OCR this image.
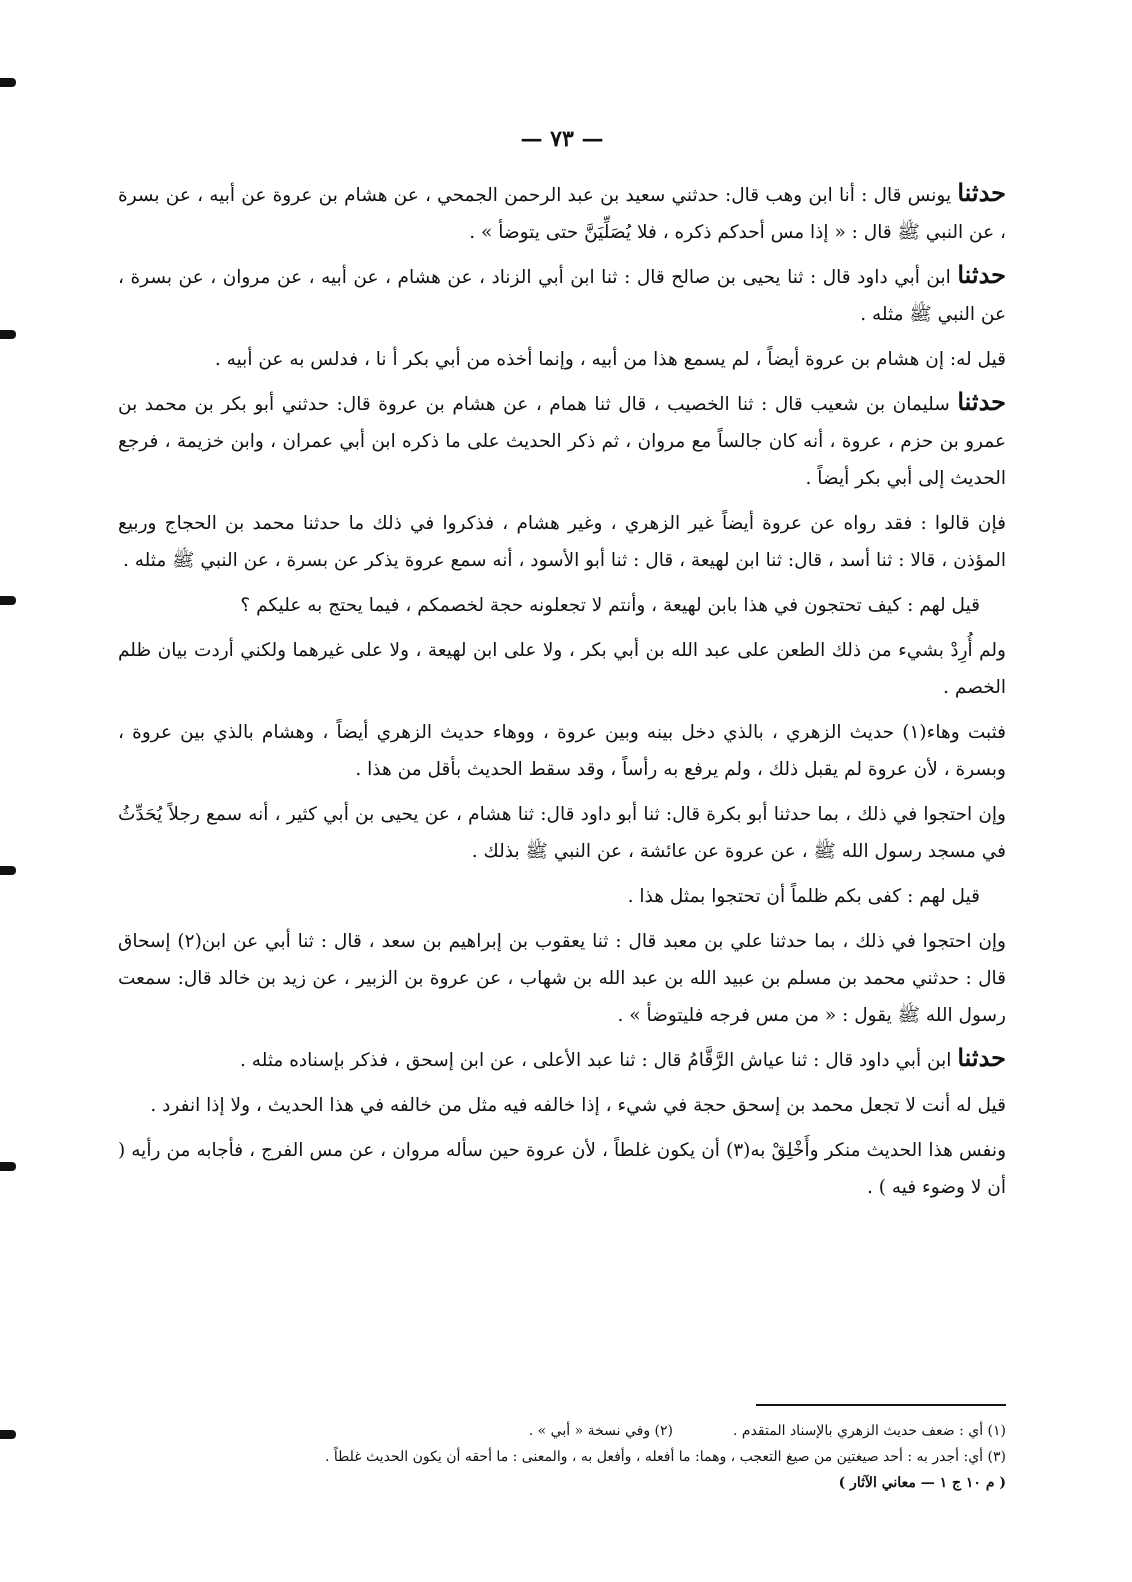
— ٧٣ —

حدثنا يونس قال : أنا ابن وهب قال: حدثني سعيد بن عبد الرحمن الجمحي ، عن هشام بن عروة عن أبيه ، عن بسرة ، عن النبي ﷺ قال : « إذا مس أحدكم ذكره ، فلا يُصَلِّيَنَّ حتى يتوضأ » .

حدثنا ابن أبي داود قال : ثنا يحيى بن صالح قال : ثنا ابن أبي الزناد ، عن هشام ، عن أبيه ، عن مروان ، عن بسرة ، عن النبي ﷺ مثله .

قيل له: إن هشام بن عروة أيضاً ، لم يسمع هذا من أبيه ، وإنما أخذه من أبي بكر أ نا ، فدلس به عن أبيه .

حدثنا سليمان بن شعيب قال : ثنا الخصيب ، قال ثنا همام ، عن هشام بن عروة قال: حدثني أبو بكر بن محمد بن عمرو بن حزم ، عروة ، أنه كان جالساً مع مروان ، ثم ذكر الحديث على ما ذكره ابن أبي عمران ، وابن خزيمة ، فرجع الحديث إلى أبي بكر أيضاً .

فإن قالوا : فقد رواه عن عروة أيضاً غير الزهري ، وغير هشام ، فذكروا في ذلك ما حدثنا محمد بن الحجاج وربيع المؤذن ، قالا : ثنا أسد ، قال: ثنا ابن لهيعة ، قال : ثنا أبو الأسود ، أنه سمع عروة يذكر عن بسرة ، عن النبي ﷺ مثله .

قيل لهم : كيف تحتجون في هذا بابن لهيعة ، وأنتم لا تجعلونه حجة لخصمكم ، فيما يحتج به عليكم ؟

ولم أُرِدْ بشيء من ذلك الطعن على عبد الله بن أبي بكر ، ولا على ابن لهيعة ، ولا على غيرهما ولكني أردت بيان ظلم الخصم .

فثبت وهاء(١) حديث الزهري ، بالذي دخل بينه وبين عروة ، ووهاء حديث الزهري أيضاً ، وهشام بالذي بين عروة ، وبسرة ، لأن عروة لم يقبل ذلك ، ولم يرفع به رأساً ، وقد سقط الحديث بأقل من هذا .

وإن احتجوا في ذلك ، بما حدثنا أبو بكرة قال: ثنا أبو داود قال: ثنا هشام ، عن يحيى بن أبي كثير ، أنه سمع رجلاً يُحَدِّثُ في مسجد رسول الله ﷺ ، عن عروة عن عائشة ، عن النبي ﷺ بذلك .

قيل لهم : كفى بكم ظلماً أن تحتجوا بمثل هذا .

وإن احتجوا في ذلك ، بما حدثنا علي بن معبد قال : ثنا يعقوب بن إبراهيم بن سعد ، قال : ثنا أبي عن ابن(٢) إسحاق قال : حدثني محمد بن مسلم بن عبيد الله بن عبد الله بن شهاب ، عن عروة بن الزبير ، عن زيد بن خالد قال: سمعت رسول الله ﷺ يقول : « من مس فرجه فليتوضأ » .

حدثنا ابن أبي داود قال : ثنا عياش الرَّقَّامُ قال : ثنا عبد الأعلى ، عن ابن إسحق ، فذكر بإسناده مثله .

قيل له أنت لا تجعل محمد بن إسحق حجة في شيء ، إذا خالفه فيه مثل من خالفه في هذا الحديث ، ولا إذا انفرد .

ونفس هذا الحديث منكر وأَخْلِقْ به(٣) أن يكون غلطاً ، لأن عروة حين سأله مروان ، عن مس الفرج ، فأجابه من رأيه ( أن لا وضوء فيه ) .

(١) أي : ضعف حديث الزهري بالإسناد المتقدم .

(٢) وفي نسخة « أبي » .

(٣) أي: أجدر به : أحد صيغتين من صيغ التعجب ، وهما: ما أفعله ، وأفعل به ، والمعنى : ما أحقه أن يكون الحديث غلطاً .

( م ١٠ ج ١ — معاني الآثار )
